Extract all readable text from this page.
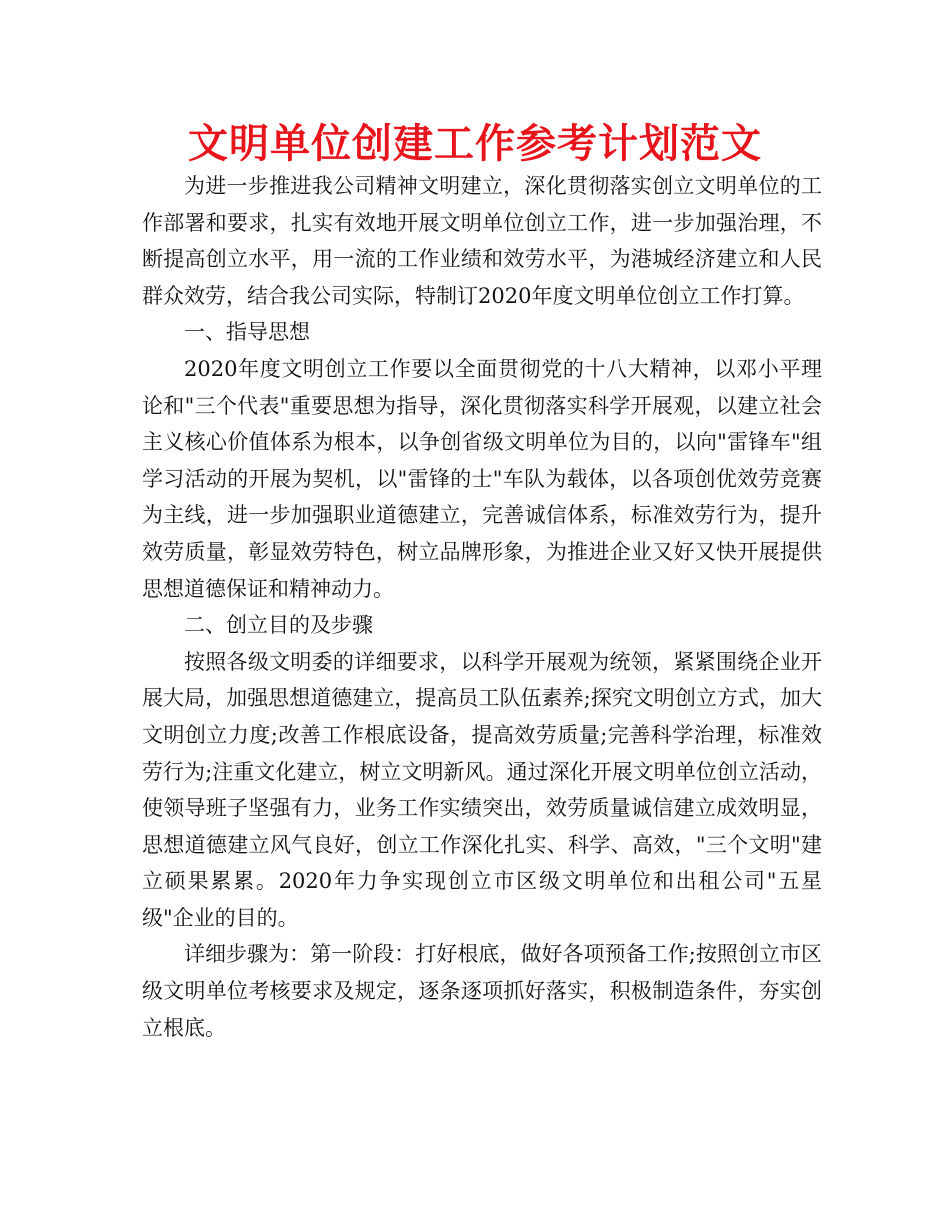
文明单位创建工作参考计划范文

为进一步推进我公司精神文明建立，深化贯彻落实创立文明单位的工作部署和要求，扎实有效地开展文明单位创立工作，进一步加强治理，不断提高创立水平，用一流的工作业绩和效劳水平，为港城经济建立和人民群众效劳，结合我公司实际，特制订2020年度文明单位创立工作打算。

一、指导思想

2020年度文明创立工作要以全面贯彻党的十八大精神，以邓小平理论和"三个代表"重要思想为指导，深化贯彻落实科学开展观，以建立社会主义核心价值体系为根本，以争创省级文明单位为目的，以向"雷锋车"组学习活动的开展为契机，以"雷锋的士"车队为载体，以各项创优效劳竞赛为主线，进一步加强职业道德建立，完善诚信体系，标准效劳行为，提升效劳质量，彰显效劳特色，树立品牌形象，为推进企业又好又快开展提供思想道德保证和精神动力。

二、创立目的及步骤

按照各级文明委的详细要求，以科学开展观为统领，紧紧围绕企业开展大局，加强思想道德建立，提高员工队伍素养;探究文明创立方式，加大文明创立力度;改善工作根底设备，提高效劳质量;完善科学治理，标准效劳行为;注重文化建立，树立文明新风。通过深化开展文明单位创立活动，使领导班子坚强有力，业务工作实绩突出，效劳质量诚信建立成效明显，思想道德建立风气良好，创立工作深化扎实、科学、高效，"三个文明"建立硕果累累。2020年力争实现创立市区级文明单位和出租公司"五星级"企业的目的。

详细步骤为：第一阶段：打好根底，做好各项预备工作;按照创立市区级文明单位考核要求及规定，逐条逐项抓好落实，积极制造条件，夯实创立根底。
